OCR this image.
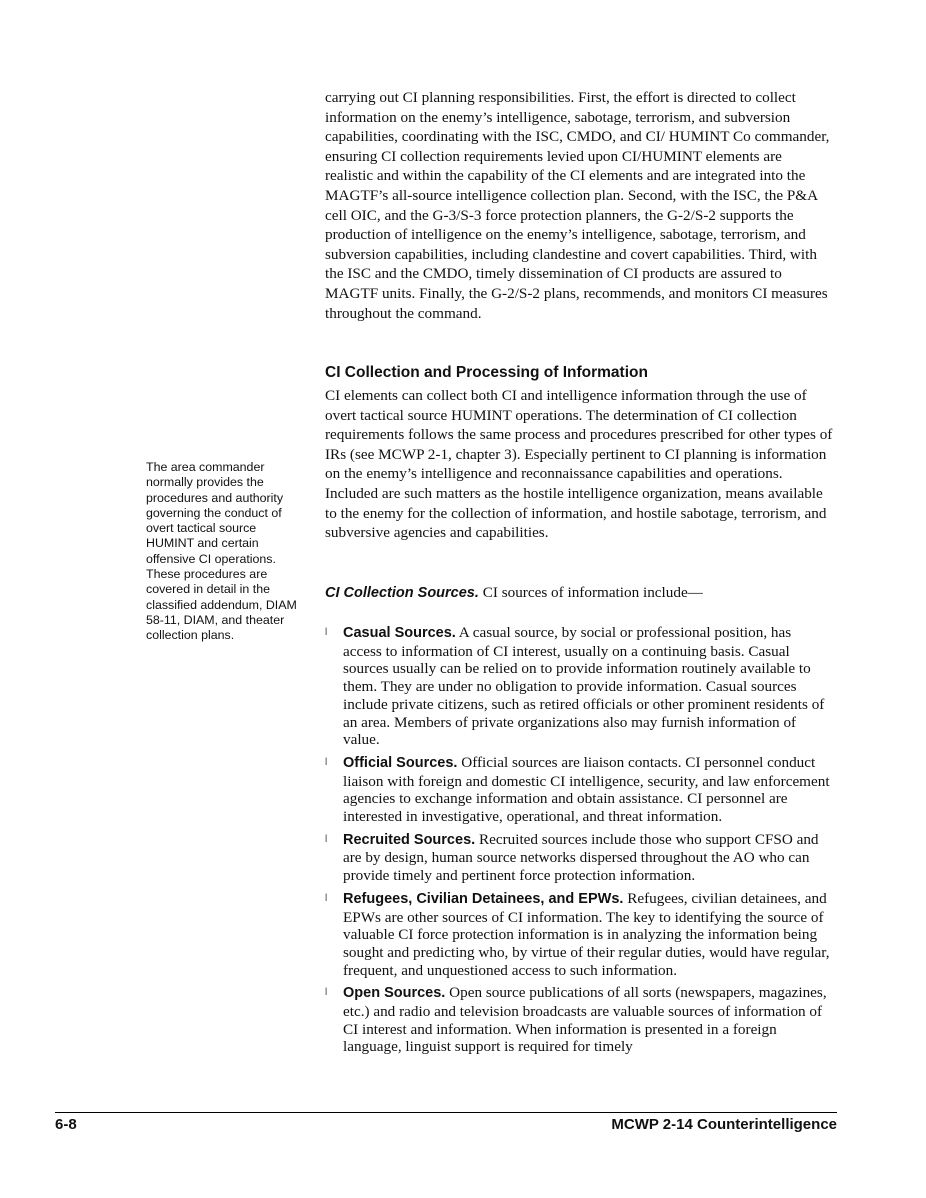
carrying out CI planning responsibilities. First, the effort is directed to collect information on the enemy’s intelligence, sabotage, terrorism, and subversion capabilities, coordinating with the ISC, CMDO, and CI/ HUMINT Co commander, ensuring CI collection requirements levied upon CI/HUMINT elements are realistic and within the capability of the CI elements and are integrated into the MAGTF’s all-source intelligence collection plan. Second, with the ISC, the P&A cell OIC, and the G-3/S-3 force protection planners, the G-2/S-2 supports the production of intelligence on the enemy’s intelligence, sabotage, terrorism, and subversion capabilities, including clandestine and covert capabilities. Third, with the ISC and the CMDO, timely dissemination of CI products are assured to MAGTF units. Finally, the G-2/S-2 plans, recommends, and monitors CI measures throughout the command.
CI Collection and Processing of Information
CI elements can collect both CI and intelligence information through the use of overt tactical source HUMINT operations. The determination of CI collection requirements follows the same process and procedures prescribed for other types of IRs (see MCWP 2-1, chapter 3). Especially pertinent to CI planning is information on the enemy’s intelligence and reconnaissance capabilities and operations. Included are such matters as the hostile intelligence organization, means available to the enemy for the collection of information, and hostile sabotage, terrorism, and subversive agencies and capabilities.
The area commander normally provides the procedures and authority governing the conduct of overt tactical source HUMINT and certain offensive CI operations. These procedures are covered in detail in the classified addendum, DIAM 58-11, DIAM, and theater collection plans.
CI Collection Sources. CI sources of information include—
l Casual Sources. A casual source, by social or professional position, has access to information of CI interest, usually on a continuing basis. Casual sources usually can be relied on to provide information routinely available to them. They are under no obligation to provide information. Casual sources include private citizens, such as retired officials or other prominent residents of an area. Members of private organizations also may furnish information of value.
l Official Sources. Official sources are liaison contacts. CI personnel conduct liaison with foreign and domestic CI intelligence, security, and law enforcement agencies to exchange information and obtain assistance. CI personnel are interested in investigative, operational, and threat information.
l Recruited Sources. Recruited sources include those who support CFSO and are by design, human source networks dispersed throughout the AO who can provide timely and pertinent force protection information.
l Refugees, Civilian Detainees, and EPWs. Refugees, civilian detainees, and EPWs are other sources of CI information. The key to identifying the source of valuable CI force protection information is in analyzing the information being sought and predicting who, by virtue of their regular duties, would have regular, frequent, and unquestioned access to such information.
l Open Sources. Open source publications of all sorts (newspapers, magazines, etc.) and radio and television broadcasts are valuable sources of information of CI interest and information. When information is presented in a foreign language, linguist support is required for timely
6-8	MCWP 2-14 Counterintelligence
